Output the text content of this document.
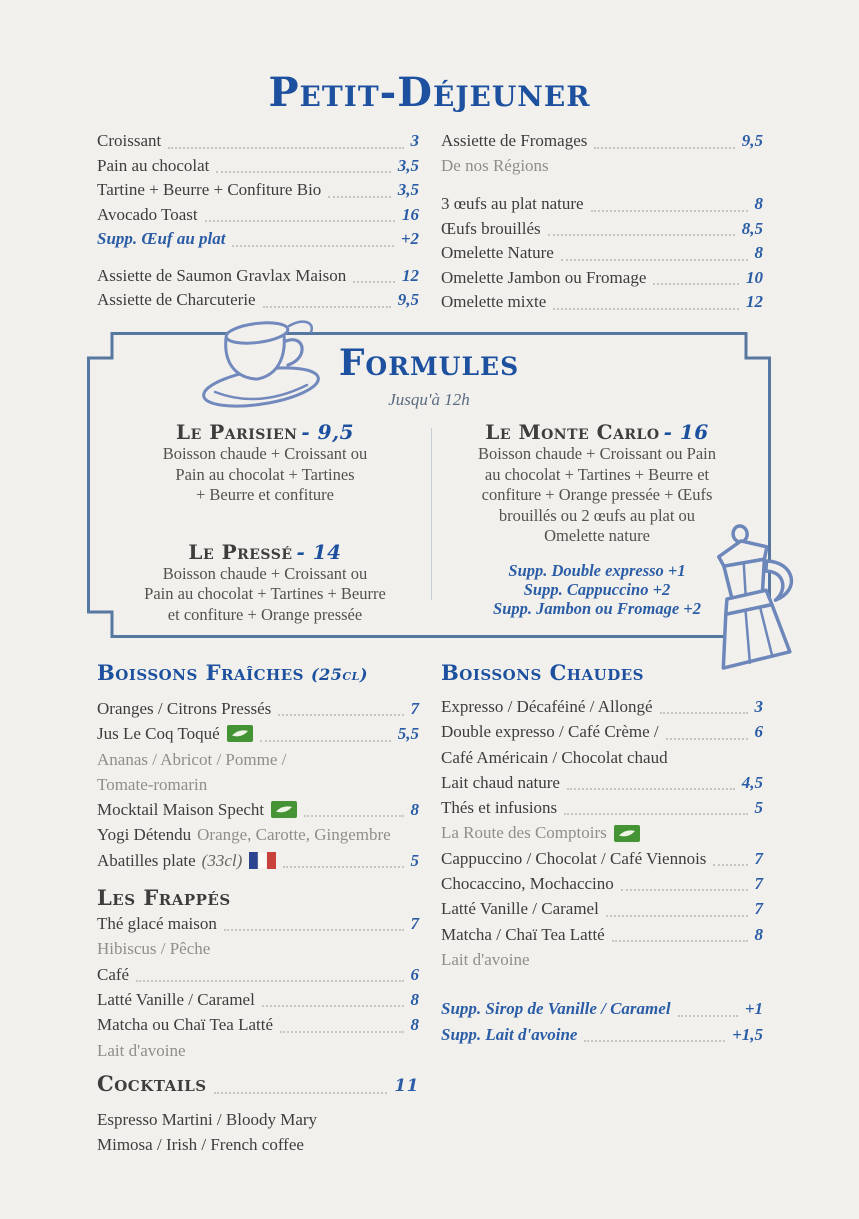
Petit-Déjeuner
Croissant	3
Pain au chocolat	3,5
Tartine + Beurre + Confiture Bio	3,5
Avocado Toast	16
Supp. Œuf au plat	+2
Assiette de Saumon Gravlax Maison	12
Assiette de Charcuterie	9,5
Assiette de Fromages	9,5
De nos Régions
3 œufs au plat nature	8
Œufs brouillés	8,5
Omelette Nature	8
Omelette Jambon ou Fromage	10
Omelette mixte	12
Formules
Jusqu'à 12h
Le Parisien - 9,5
Boisson chaude + Croissant ou
Pain au chocolat + Tartines
+ Beurre et confiture
Le Pressé - 14
Boisson chaude + Croissant ou
Pain au chocolat + Tartines + Beurre
et confiture + Orange pressée
Le Monte Carlo - 16
Boisson chaude + Croissant ou Pain
au chocolat + Tartines + Beurre et
confiture + Orange pressée + Œufs
brouillés ou 2 œufs au plat ou
Omelette nature
Supp. Double expresso +1
Supp. Cappuccino +2
Supp. Jambon ou Fromage +2
Boissons Fraîches (25cl)
Oranges / Citrons Pressés	7
Jus Le Coq Toqué	5,5
Ananas / Abricot / Pomme /
Tomate-romarin
Mocktail Maison Specht	8
Yogi Détendu Orange, Carotte, Gingembre
Abatilles plate (33cl)	5
Les Frappés
Thé glacé maison	7
Hibiscus / Pêche
Café	6
Latté Vanille / Caramel	8
Matcha ou Chaï Tea Latté	8
Lait d'avoine
Cocktails	11
Espresso Martini / Bloody Mary
Mimosa / Irish / French coffee
Boissons Chaudes
Expresso / Décaféiné / Allongé	3
Double expresso / Café Crème /	6
Café Américain / Chocolat chaud
Lait chaud nature	4,5
Thés et infusions	5
La Route des Comptoirs
Cappuccino / Chocolat / Café Viennois	7
Chocaccino, Mochaccino	7
Latté Vanille / Caramel	7
Matcha / Chaï Tea Latté	8
Lait d'avoine
Supp. Sirop de Vanille / Caramel	+1
Supp. Lait d'avoine	+1,5
